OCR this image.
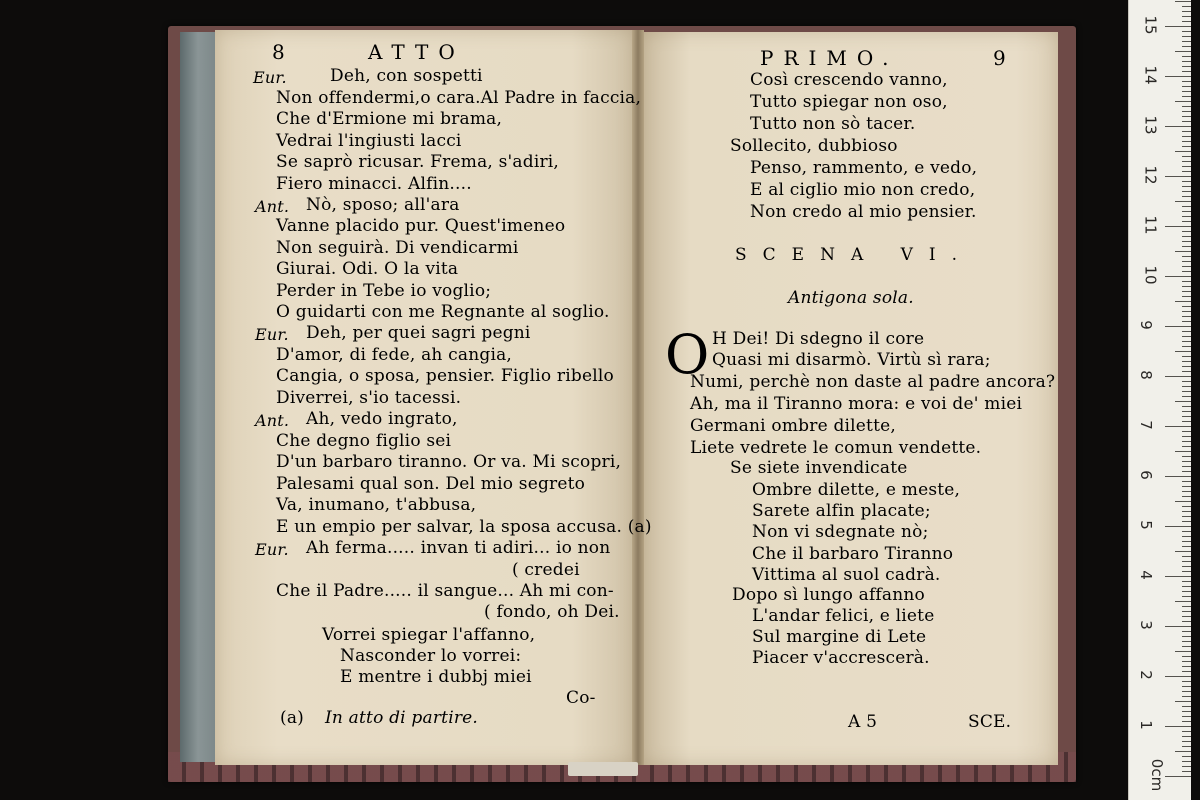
8	ATTO
Eur.	Deh, con sospetti
Non offendermi,o cara.Al Padre in faccia,
Che d'Ermione mi brama,
Vedrai l'ingiusti lacci
Se saprò ricusar. Frema, s'adiri,
Fiero minacci. Alfin....
Ant. Nò, sposo; all'ara
Vanne placido pur. Quest'imeneo
Non seguirà. Di vendicarmi
Giurai. Odi. O la vita
Perder in Tebe io voglio;
O guidarti con me Regnante al soglio.
Eur. Deh, per quei sagri pegni
D'amor, di fede, ah cangia,
Cangia, o sposa, pensier. Figlio ribello
Diverrei, s'io tacessi.
Ant. Ah, vedo ingrato,
Che degno figlio sei
D'un barbaro tiranno. Or va. Mi scopri,
Palesami qual son. Del mio segreto
Va, inumano, t'abbusa,
E un empio per salvar, la sposa accusa. (a)
Eur. Ah ferma..... invan ti adiri... io non
( credei
Che il Padre..... il sangue... Ah mi con-
( fondo, oh Dei.
Vorrei spiegar l'affanno,
Nasconder lo vorrei:
E mentre i dubbj miei
Co-
(a) In atto di partire.
PRIMO.	9
Così crescendo vanno,
Tutto spiegar non oso,
Tutto non sò tacer.
Sollecito, dubbioso
Penso, rammento, e vedo,
E al ciglio mio non credo,
Non credo al mio pensier.
SCENA VI.
Antigona sola.
O H Dei! Di sdegno il core
Quasi mi disarmò. Virtù sì rara;
Numi, perchè non daste al padre ancora?
Ah, ma il Tiranno mora: e voi de' miei
Germani ombre dilette,
Liete vedrete le comun vendette.
Se siete invendicate
Ombre dilette, e meste,
Sarete alfin placate;
Non vi sdegnate nò;
Che il barbaro Tiranno
Vittima al suol cadrà.
Dopo sì lungo affanno
L'andar felici, e liete
Sul margine di Lete
Piacer v'accrescerà.
A 5	SCE.
0cm
1
2
3
4
5
6
7
8
9
10
11
12
13
14
15
